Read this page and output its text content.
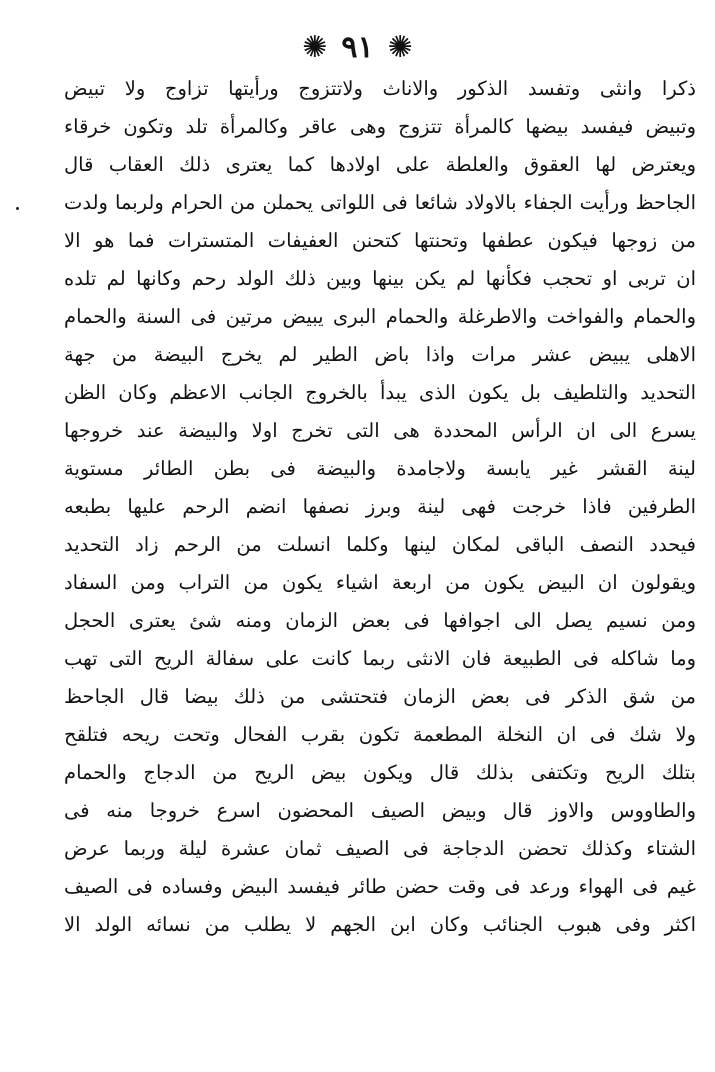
✺ ٩١ ✺
ذكرا وانثى وتفسد الذكور والاناث ولاتتزوج ورأيتها تزاوج ولا تبيض
وتبيض فيفسد بيضها كالمرأة تتزوج وهى عاقر وكالمرأة تلد وتكون خرقاء
ويعترض لها العقوق والعلطة على اولادها كما يعترى ذلك العقاب قال
الجاحظ ورأيت الجفاء بالاولاد شائعا فى اللواتى يحملن من الحرام ولربما ولدت
من زوجها فيكون عطفها وتحنتها كتحنن العفيفات المتسترات فما هو الا
ان تربى او تحجب فكأنها لم يكن بينها وبين ذلك الولد رحم وكانها لم تلده
والحمام والفواخت والاطرغلة والحمام البرى يبيض مرتين فى السنة والحمام
الاهلى يبيض عشر مرات واذا باض الطير لم يخرج البيضة من جهة
التحديد والتلطيف بل يكون الذى يبدأ بالخروج الجانب الاعظم وكان الظن
يسرع الى ان الرأس المحددة هى التى تخرج اولا والبيضة عند خروجها
لينة القشر غير يابسة ولاجامدة والبيضة فى بطن الطائر مستوية
الطرفين فاذا خرجت فهى لينة وبرز نصفها انضم الرحم عليها بطبعه
فيحدد النصف الباقى لمكان لينها وكلما انسلت من الرحم زاد التحديد
ويقولون ان البيض يكون من اربعة اشياء يكون من التراب ومن السفاد
ومن نسيم يصل الى اجوافها فى بعض الزمان ومنه شئ يعترى الحجل
وما شاكله فى الطبيعة فان الانثى ربما كانت على سفالة الريح التى تهب
من شق الذكر فى بعض الزمان فتحتشى من ذلك بيضا قال الجاحظ
ولا شك فى ان النخلة المطعمة تكون بقرب الفحال وتحت ريحه فتلقح
بتلك الريح وتكتفى بذلك قال ويكون بيض الريح من الدجاج والحمام
والطاووس والاوز قال وبيض الصيف المحضون اسرع خروجا منه فى
الشتاء وكذلك تحضن الدجاجة فى الصيف ثمان عشرة ليلة وربما عرض
غيم فى الهواء ورعد فى وقت حضن طائر فيفسد البيض وفساده فى الصيف
اكثر وفى هبوب الجنائب وكان ابن الجهم لا يطلب من نسائه الولد الا
